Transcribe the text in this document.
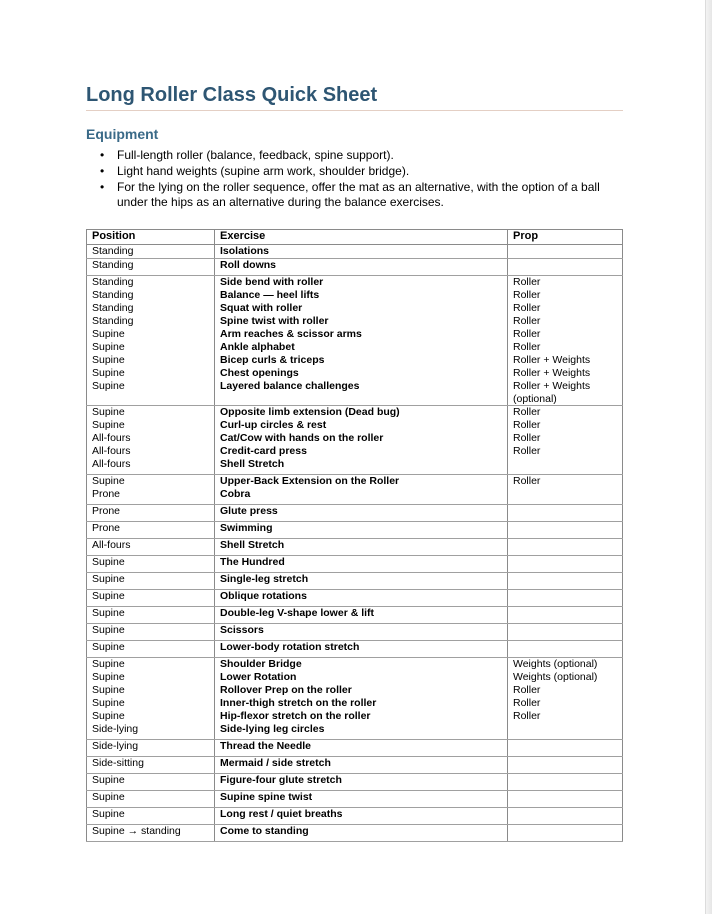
Long Roller Class Quick Sheet
Equipment
• Full-length roller (balance, feedback, spine support).
• Light hand weights (supine arm work, shoulder bridge).
• For the lying on the roller sequence, offer the mat as an alternative, with the option of a ball under the hips as an alternative during the balance exercises.
Position	Exercise	Prop
Standing	Isolations	
Standing	Roll downs	
Standing	Side bend with roller	Roller
Standing	Balance — heel lifts	Roller
Standing	Squat with roller	Roller
Standing	Spine twist with roller	Roller
Supine	Arm reaches & scissor arms	Roller
Supine	Ankle alphabet	Roller
Supine	Bicep curls & triceps	Roller + Weights
Supine	Chest openings	Roller + Weights
Supine	Layered balance challenges	Roller + Weights (optional)
Supine	Opposite limb extension (Dead bug)	Roller
Supine	Curl-up circles & rest	Roller
All-fours	Cat/Cow with hands on the roller	Roller
All-fours	Credit-card press	Roller
All-fours	Shell Stretch	
Supine	Upper-Back Extension on the Roller	Roller
Prone	Cobra	
Prone	Glute press	
Prone	Swimming	
All-fours	Shell Stretch	
Supine	The Hundred	
Supine	Single-leg stretch	
Supine	Oblique rotations	
Supine	Double-leg V-shape lower & lift	
Supine	Scissors	
Supine	Lower-body rotation stretch	
Supine	Shoulder Bridge	Weights (optional)
Supine	Lower Rotation	Weights (optional)
Supine	Rollover Prep on the roller	Roller
Supine	Inner-thigh stretch on the roller	Roller
Supine	Hip-flexor stretch on the roller	Roller
Side-lying	Side-lying leg circles	
Side-lying	Thread the Needle	
Side-sitting	Mermaid / side stretch	
Supine	Figure-four glute stretch	
Supine	Supine spine twist	
Supine	Long rest / quiet breaths	
Supine → standing	Come to standing	
